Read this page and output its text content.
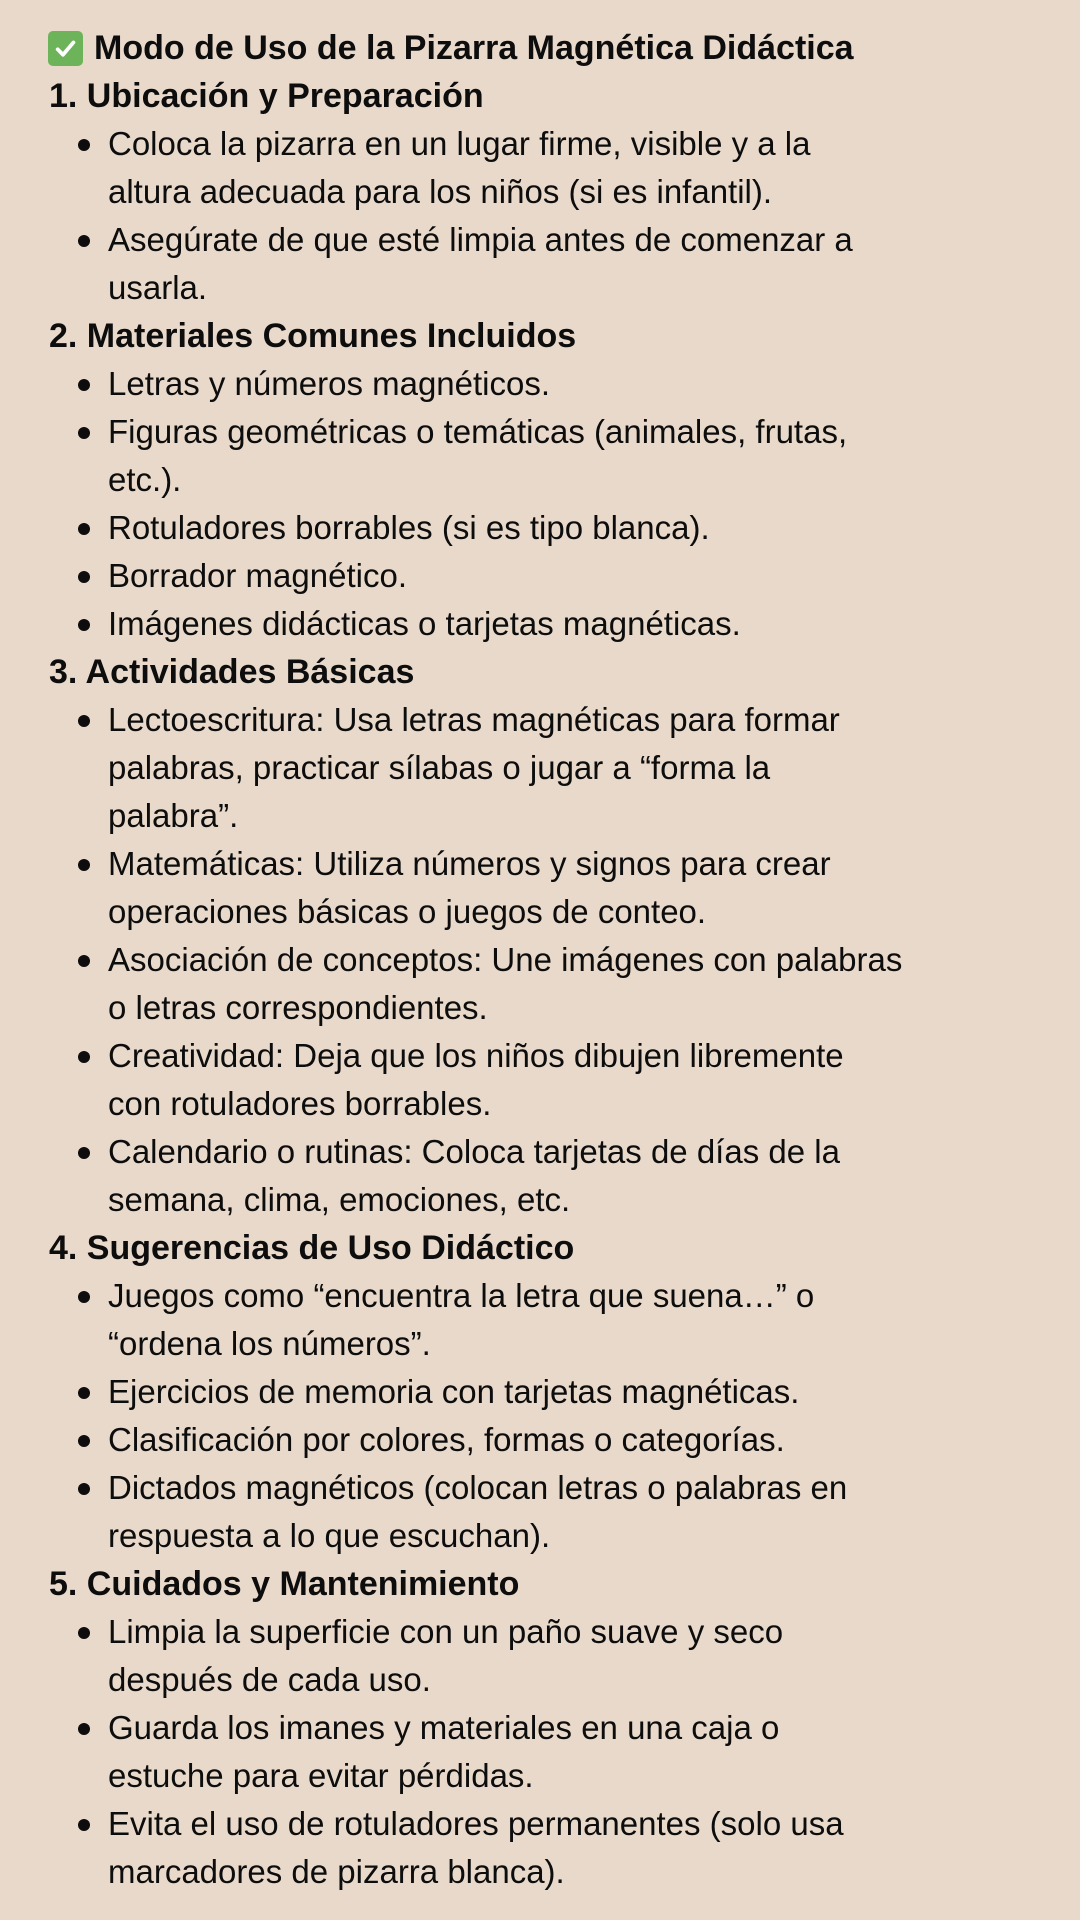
Modo de Uso de la Pizarra Magnética Didáctica
1. Ubicación y Preparación
Coloca la pizarra en un lugar firme, visible y a la
altura adecuada para los niños (si es infantil).
Asegúrate de que esté limpia antes de comenzar a
usarla.
2. Materiales Comunes Incluidos
Letras y números magnéticos.
Figuras geométricas o temáticas (animales, frutas,
etc.).
Rotuladores borrables (si es tipo blanca).
Borrador magnético.
Imágenes didácticas o tarjetas magnéticas.
3. Actividades Básicas
Lectoescritura: Usa letras magnéticas para formar
palabras, practicar sílabas o jugar a “forma la
palabra”.
Matemáticas: Utiliza números y signos para crear
operaciones básicas o juegos de conteo.
Asociación de conceptos: Une imágenes con palabras
o letras correspondientes.
Creatividad: Deja que los niños dibujen libremente
con rotuladores borrables.
Calendario o rutinas: Coloca tarjetas de días de la
semana, clima, emociones, etc.
4. Sugerencias de Uso Didáctico
Juegos como “encuentra la letra que suena…” o
“ordena los números”.
Ejercicios de memoria con tarjetas magnéticas.
Clasificación por colores, formas o categorías.
Dictados magnéticos (colocan letras o palabras en
respuesta a lo que escuchan).
5. Cuidados y Mantenimiento
Limpia la superficie con un paño suave y seco
después de cada uso.
Guarda los imanes y materiales en una caja o
estuche para evitar pérdidas.
Evita el uso de rotuladores permanentes (solo usa
marcadores de pizarra blanca).
